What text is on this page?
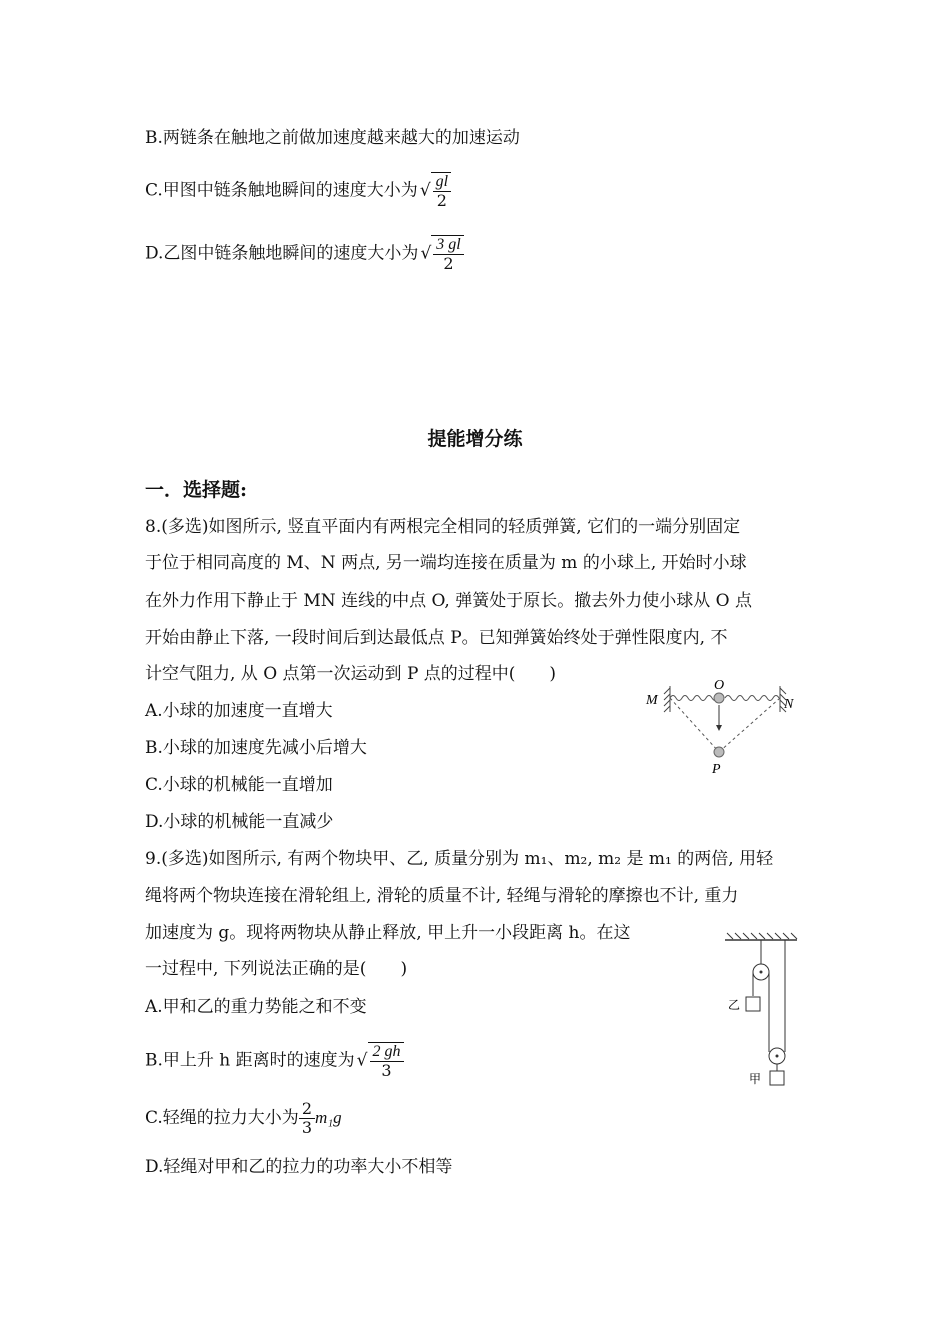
B.两链条在触地之前做加速度越来越大的加速运动
C.甲图中链条触地瞬间的速度大小为 √ $\frac{gl}{2}$
D.乙图中链条触地瞬间的速度大小为 √ $\frac{3 gl}{2}$
提能增分练
一．选择题:
8.(多选)如图所示, 竖直平面内有两根完全相同的轻质弹簧, 它们的一端分别固定
于位于相同高度的 M、N 两点, 另一端均连接在质量为 m 的小球上, 开始时小球
在外力作用下静止于 MN 连线的中点 O, 弹簧处于原长。撤去外力使小球从 O 点
开始由静止下落, 一段时间后到达最低点 P。已知弹簧始终处于弹性限度内, 不
计空气阻力, 从 O 点第一次运动到 P 点的过程中(　　)
A.小球的加速度一直增大
B.小球的加速度先减小后增大
C.小球的机械能一直增加
D.小球的机械能一直减少
M	N
O
P
9.(多选)如图所示, 有两个物块甲、乙, 质量分别为 m₁、m₂, m₂ 是 m₁ 的两倍, 用轻
绳将两个物块连接在滑轮组上, 滑轮的质量不计, 轻绳与滑轮的摩擦也不计, 重力
加速度为 g。现将两物块从静止释放, 甲上升一小段距离 h。在这
一过程中, 下列说法正确的是(　　)
A.甲和乙的重力势能之和不变
B.甲上升 h 距离时的速度为 √ $\frac{2 gh}{3}$
C.轻绳的拉力大小为 $\frac{2}{3} m_1g$
D.轻绳对甲和乙的拉力的功率大小不相等
乙
甲
